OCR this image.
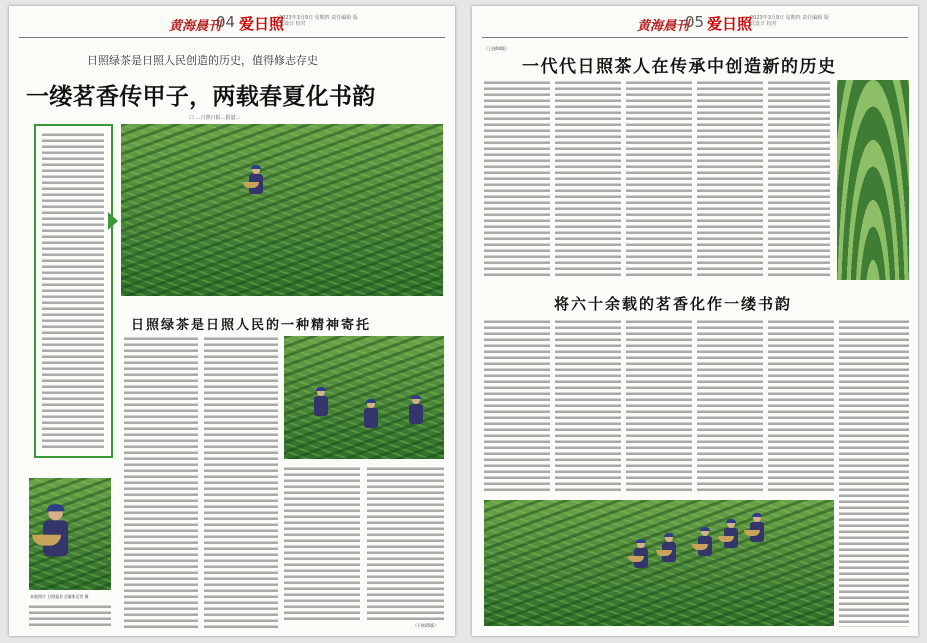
黄海晨刊
04 爱日照
2023年3月9日 星期四 责任编辑 版式设计 校对
日照绿茶是日照人民创造的历史，值得修志存史
一缕茗香传甲子，两载春夏化书韵
口 …日照日报…报道…
日照绿茶是日照人民的一种精神寄托
（下转05版）
本地图片 日照报业全媒体记者 摄
黄海晨刊
05 爱日照
2023年3月9日 星期四 责任编辑 版式设计 校对
（上接04版）
一代代日照茶人在传承中创造新的历史
将六十余载的茗香化作一缕书韵
